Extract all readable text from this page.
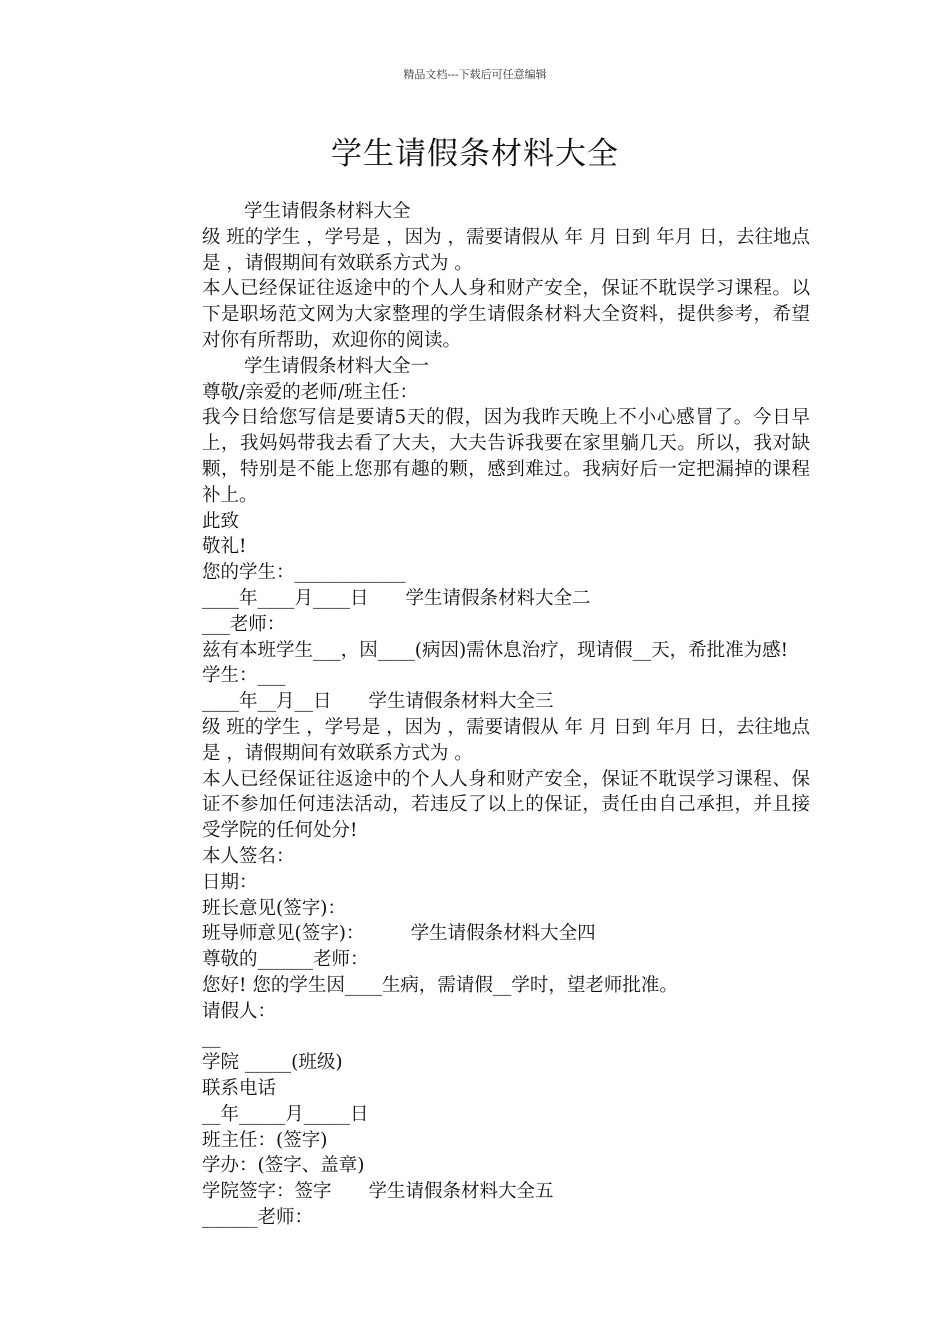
精品文档---下载后可任意编辑
学生请假条材料大全

学生请假条材料大全

级 班的学生 ，学号是 ，因为 ，需要请假从 年 月 日到 年月 日，去往地点是 ，请假期间有效联系方式为 。

本人已经保证往返途中的个人人身和财产安全，保证不耽误学习课程。以下是职场范文网为大家整理的学生请假条材料大全资料，提供参考，希望对你有所帮助，欢迎你的阅读。

学生请假条材料大全一

尊敬/亲爱的老师/班主任：

我今日给您写信是要请5天的假，因为我昨天晚上不小心感冒了。今日早上，我妈妈带我去看了大夫，大夫告诉我要在家里躺几天。所以，我对缺颗，特别是不能上您那有趣的颗，感到难过。我病好后一定把漏掉的课程补上。

此致

敬礼!

您的学生：____________

____年____月____日　　学生请假条材料大全二

___老师：

兹有本班学生___，因____(病因)需休息治疗，现请假__天，希批准为感!

学生：___

____年__月__日　　学生请假条材料大全三

级 班的学生 ，学号是 ，因为 ，需要请假从 年 月 日到 年月 日，去往地点是 ，请假期间有效联系方式为 。

本人已经保证往返途中的个人人身和财产安全，保证不耽误学习课程、保证不参加任何违法活动，若违反了以上的保证，责任由自己承担，并且接受学院的任何处分!

本人签名：

日期：

班长意见(签字)：

班导师意见(签字)：　　　学生请假条材料大全四

尊敬的______老师：

您好! 您的学生因____生病，需请假__学时，望老师批准。

请假人：

__

学院 _____(班级)

联系电话

__年_____月_____日

班主任：(签字)

学办：(签字、盖章)

学院签字：签字　　学生请假条材料大全五

______老师：
